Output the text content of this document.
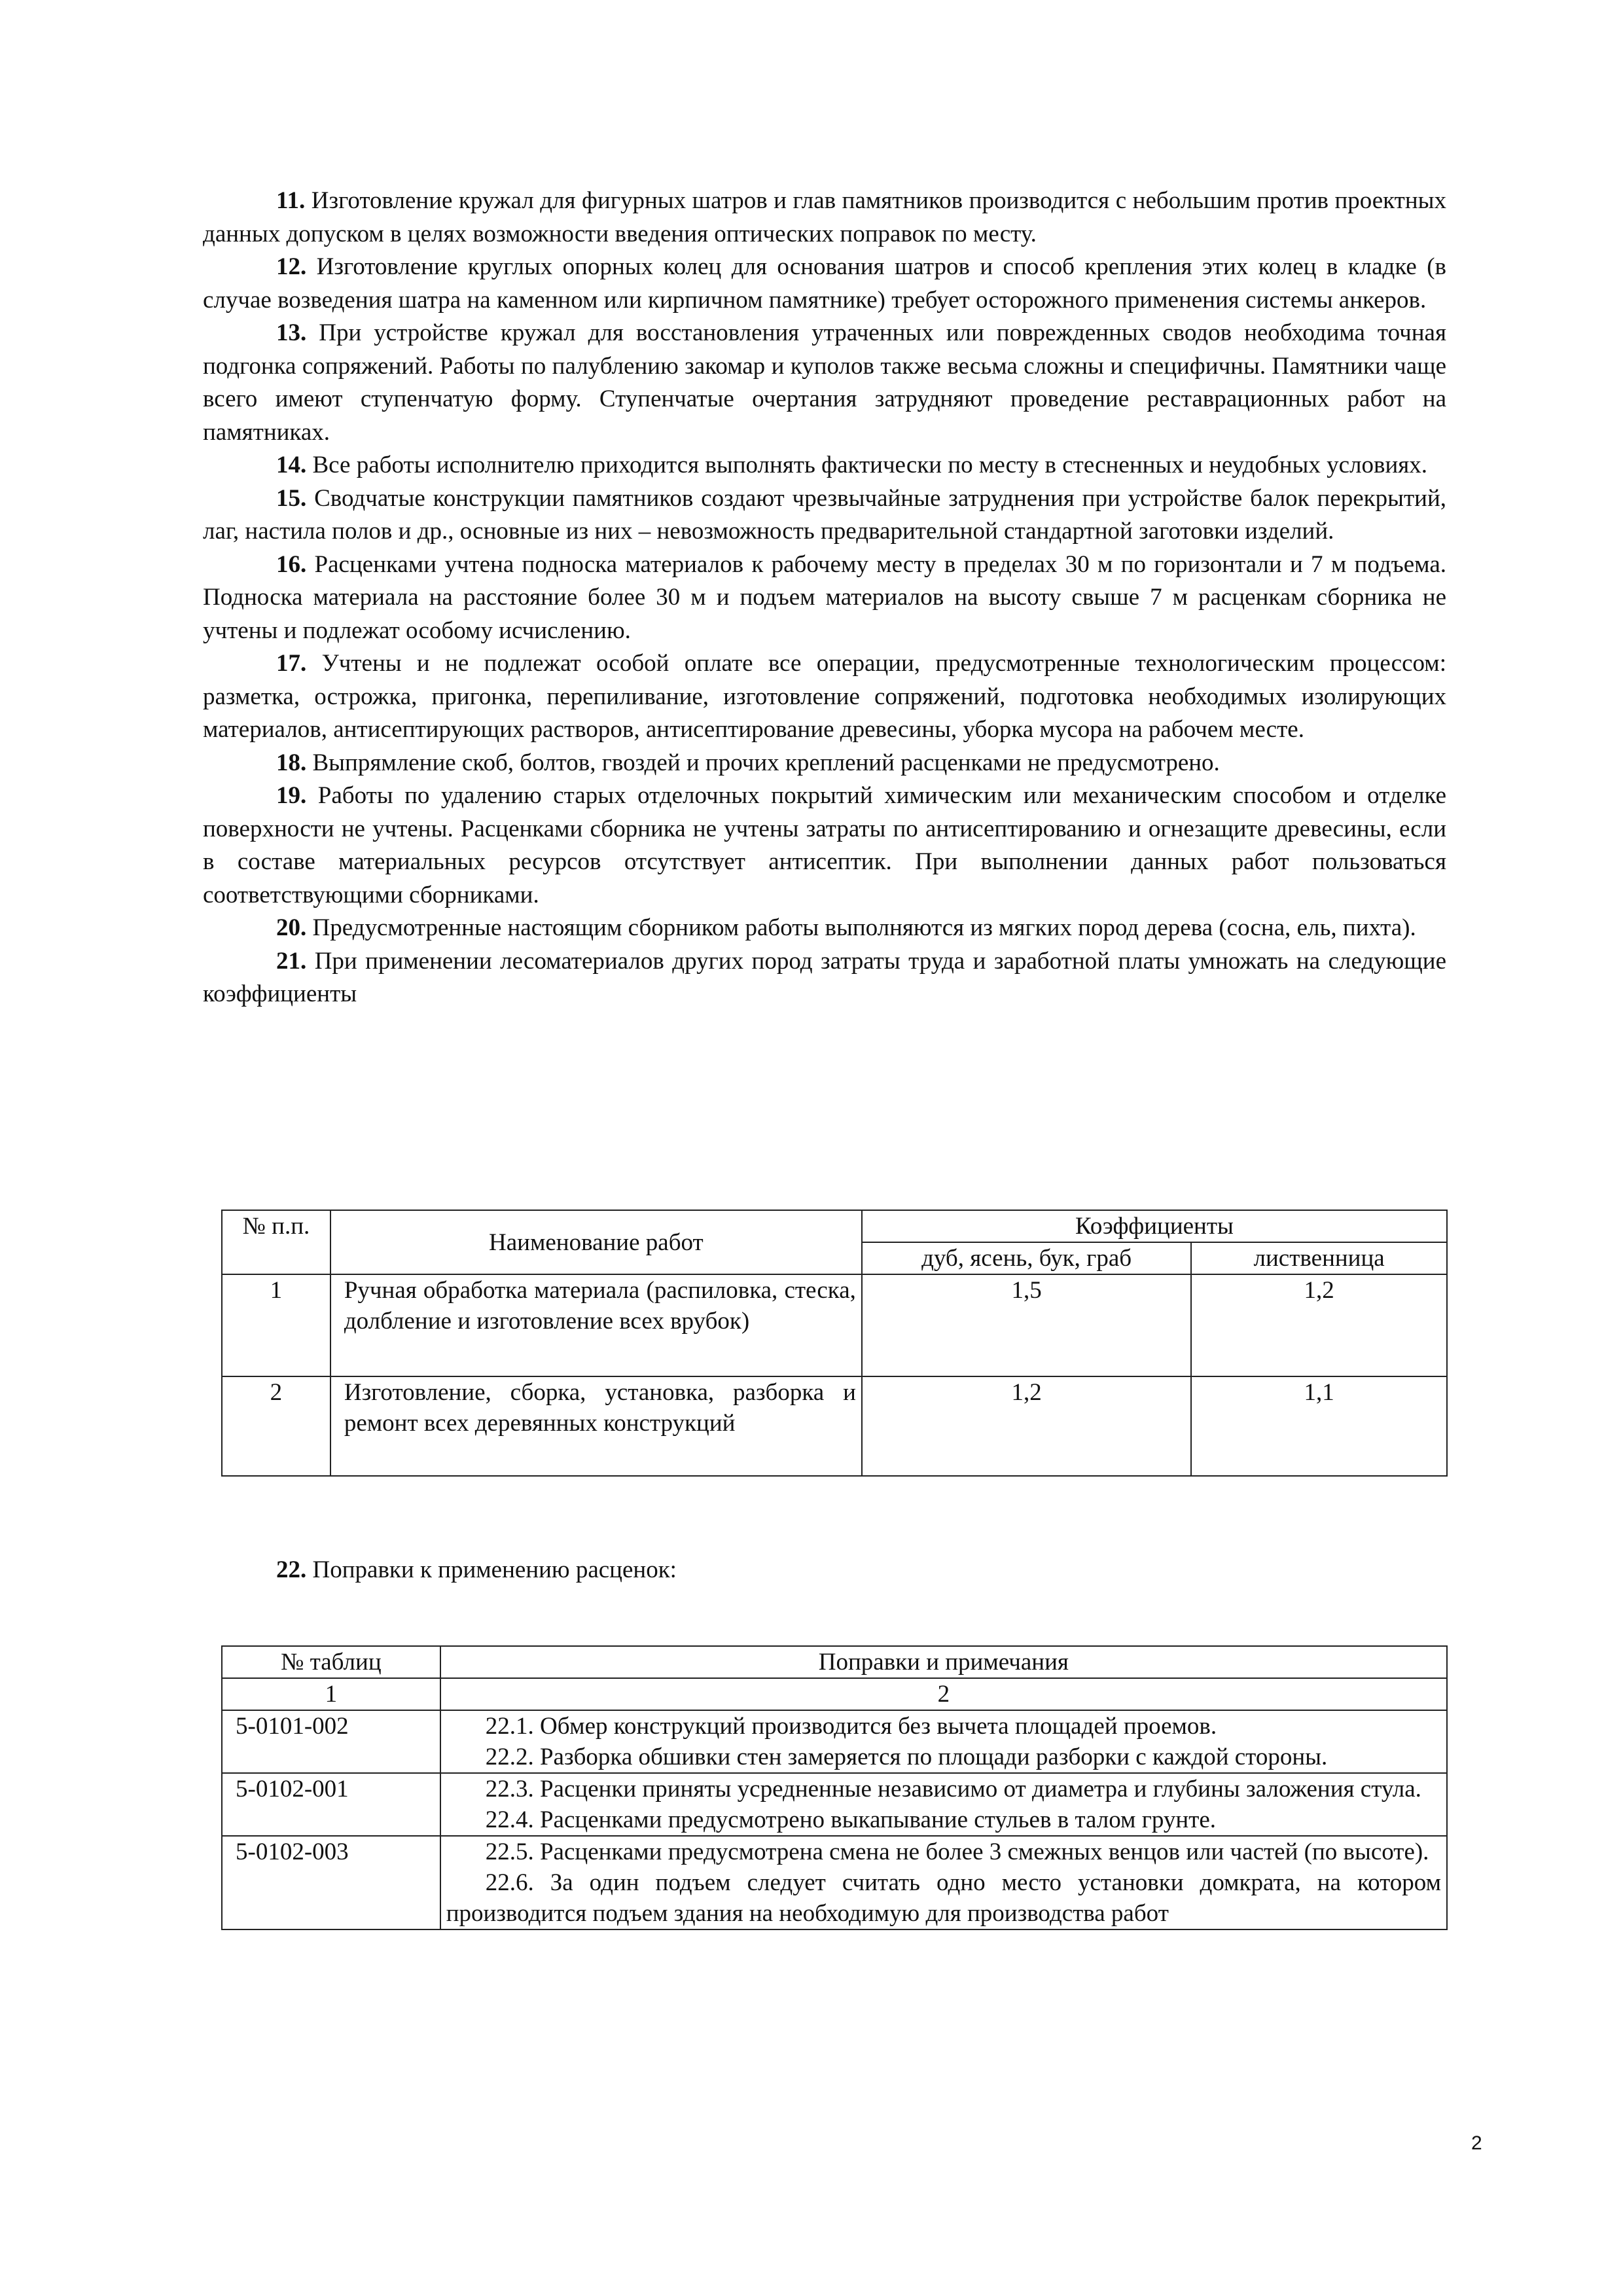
11. Изготовление кружал для фигурных шатров и глав памятников производится с небольшим против проектных данных допуском в целях возможности введения оптических поправок по месту.

12. Изготовление круглых опорных колец для основания шатров и способ крепления этих колец в кладке (в случае возведения шатра на каменном или кирпичном памятнике) требует осторожного применения системы анкеров.

13. При устройстве кружал для восстановления утраченных или поврежденных сводов необходима точная подгонка сопряжений. Работы по палублению закомар и куполов также весьма сложны и специфичны. Памятники чаще всего имеют ступенчатую форму. Ступенчатые очертания затрудняют проведение реставрационных работ на памятниках.

14. Все работы исполнителю приходится выполнять фактически по месту в стесненных и неудобных условиях.

15. Сводчатые конструкции памятников создают чрезвычайные затруднения при устройстве балок перекрытий, лаг, настила полов и др., основные из них – невозможность предварительной стандартной заготовки изделий.

16. Расценками учтена подноска материалов к рабочему месту в пределах 30 м по горизонтали и 7 м подъема. Подноска материала на расстояние более 30 м и подъем материалов на высоту свыше 7 м расценкам сборника не учтены и подлежат особому исчислению.

17. Учтены и не подлежат особой оплате все операции, предусмотренные технологическим процессом: разметка, острожка, пригонка, перепиливание, изготовление сопряжений, подготовка необходимых изолирующих материалов, антисептирующих растворов, антисептирование древесины, уборка мусора на рабочем месте.

18. Выпрямление скоб, болтов, гвоздей и прочих креплений расценками не предусмотрено.

19. Работы по удалению старых отделочных покрытий химическим или механическим способом и отделке поверхности не учтены. Расценками сборника не учтены затраты по антисептированию и огнезащите древесины, если в составе материальных ресурсов отсутствует антисептик. При выполнении данных работ пользоваться соответствующими сборниками.

20. Предусмотренные настоящим сборником работы выполняются из мягких пород дерева (сосна, ель, пихта).

21. При применении лесоматериалов других пород затраты труда и заработной платы умножать на следующие коэффициенты

№ п.п.	Наименование работ	Коэффициенты	
		дуб, ясень, бук, граб	лиственница
1	Ручная обработка материала (распиловка, стеска, долбление и изготовление всех врубок)	1,5	1,2
2	Изготовление, сборка, установка, разборка и ремонт всех деревянных конструкций	1,2	1,1
22. Поправки к применению расценок:
№ таблиц	Поправки и примечания
1	2
5-0101-002	22.1. Обмер конструкций производится без вычета площадей проемов.

22.2. Разборка обшивки стен замеряется по площади разборки с каждой стороны.

5-0102-001	22.3. Расценки приняты усредненные независимо от диаметра и глубины заложения стула.

22.4. Расценками предусмотрено выкапывание стульев в талом грунте.

5-0102-003	22.5. Расценками предусмотрена смена не более 3 смежных венцов или частей (по высоте).

22.6. За один подъем следует считать одно место установки домкрата, на котором производится подъем здания на необходимую для производства работ

2
